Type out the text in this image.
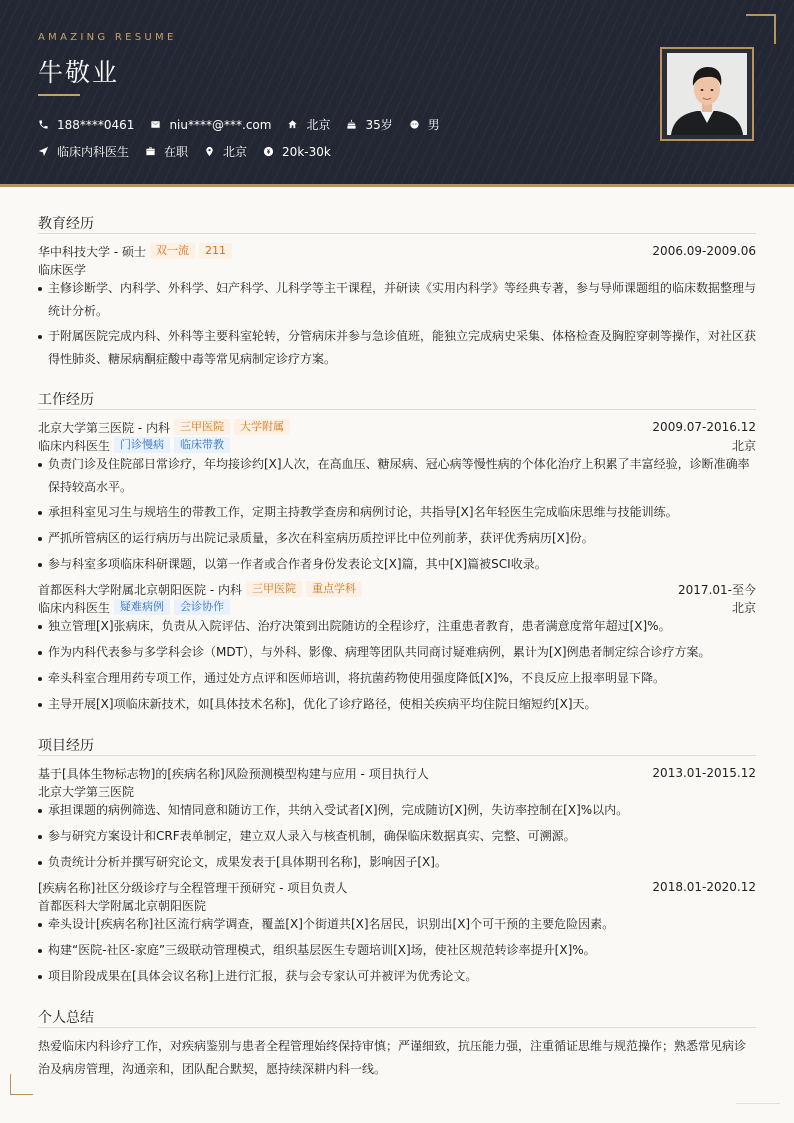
AMAZING RESUME
牛敬业
188****0461	niu****@***.com	北京	35岁	男
临床内科医生	在职	北京	20k-30k
教育经历
华中科技大学 - 硕士 双一流	211	2006.09-2009.06
临床医学
主修诊断学、内科学、外科学、妇产科学、儿科学等主干课程，并研读《实用内科学》等经典专著，参与导师课题组的临床数据整理与统计分析。
于附属医院完成内科、外科等主要科室轮转，分管病床并参与急诊值班，能独立完成病史采集、体格检查及胸腔穿刺等操作，对社区获得性肺炎、糖尿病酮症酸中毒等常见病制定诊疗方案。
工作经历
北京大学第三医院 - 内科 三甲医院	大学附属	2009.07-2016.12
临床内科医生 门诊慢病	临床带教	北京
负责门诊及住院部日常诊疗，年均接诊约[X]人次，在高血压、糖尿病、冠心病等慢性病的个体化治疗上积累了丰富经验，诊断准确率保持较高水平。
承担科室见习生与规培生的带教工作，定期主持教学查房和病例讨论，共指导[X]名年轻医生完成临床思维与技能训练。
严抓所管病区的运行病历与出院记录质量，多次在科室病历质控评比中位列前茅，获评优秀病历[X]份。
参与科室多项临床科研课题，以第一作者或合作者身份发表论文[X]篇，其中[X]篇被SCI收录。
首都医科大学附属北京朝阳医院 - 内科 三甲医院	重点学科	2017.01-至今
临床内科医生 疑难病例	会诊协作	北京
独立管理[X]张病床，负责从入院评估、治疗决策到出院随访的全程诊疗，注重患者教育，患者满意度常年超过[X]%。
作为内科代表参与多学科会诊（MDT），与外科、影像、病理等团队共同商讨疑难病例，累计为[X]例患者制定综合诊疗方案。
牵头科室合理用药专项工作，通过处方点评和医师培训，将抗菌药物使用强度降低[X]%，不良反应上报率明显下降。
主导开展[X]项临床新技术，如[具体技术名称]，优化了诊疗路径，使相关疾病平均住院日缩短约[X]天。
项目经历
基于[具体生物标志物]的[疾病名称]风险预测模型构建与应用 - 项目执行人	2013.01-2015.12
北京大学第三医院
承担课题的病例筛选、知情同意和随访工作，共纳入受试者[X]例，完成随访[X]例，失访率控制在[X]%以内。
参与研究方案设计和CRF表单制定，建立双人录入与核查机制，确保临床数据真实、完整、可溯源。
负责统计分析并撰写研究论文，成果发表于[具体期刊名称]，影响因子[X]。
[疾病名称]社区分级诊疗与全程管理干预研究 - 项目负责人	2018.01-2020.12
首都医科大学附属北京朝阳医院
牵头设计[疾病名称]社区流行病学调查，覆盖[X]个街道共[X]名居民，识别出[X]个可干预的主要危险因素。
构建“医院-社区-家庭”三级联动管理模式，组织基层医生专题培训[X]场，使社区规范转诊率提升[X]%。
项目阶段成果在[具体会议名称]上进行汇报，获与会专家认可并被评为优秀论文。
个人总结
热爱临床内科诊疗工作，对疾病鉴别与患者全程管理始终保持审慎；严谨细致，抗压能力强，注重循证思维与规范操作；熟悉常见病诊治及病房管理，沟通亲和，团队配合默契，愿持续深耕内科一线。
